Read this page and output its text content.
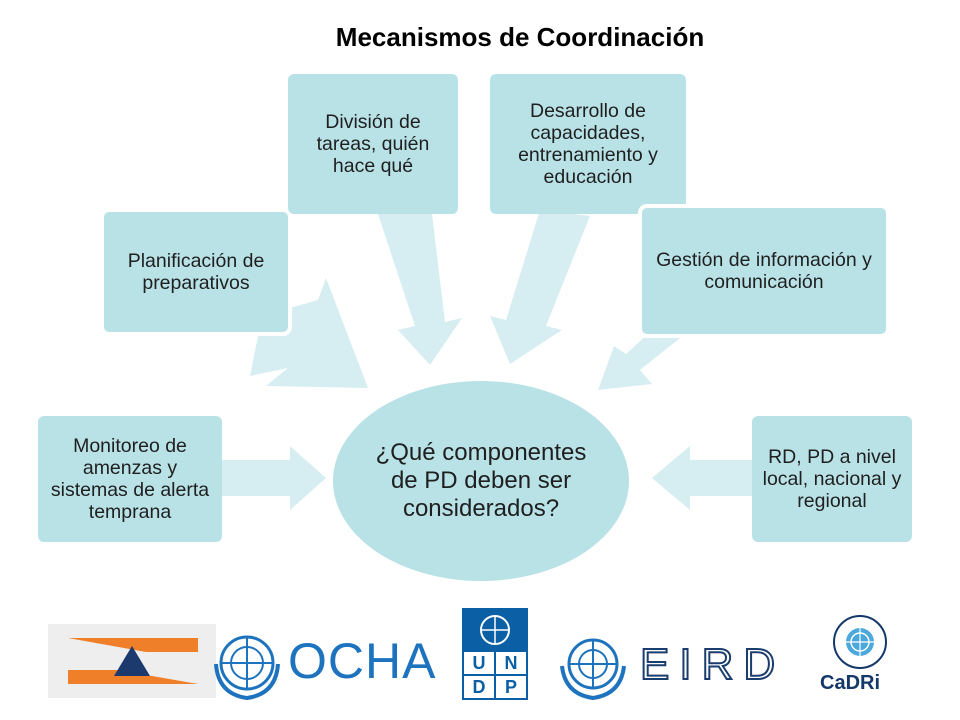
Mecanismos de Coordinación
Monitoreo de amenzas y sistemas de alerta temprana
Planificación de preparativos
División de tareas, quién hace qué
Desarrollo de capacidades, entrenamiento y educación
Gestión de información y comunicación
RD, PD a nivel local, nacional y regional
¿Qué componentes de PD deben ser considerados?
OCHA	U	N
D	P	EIRD CaDRi
